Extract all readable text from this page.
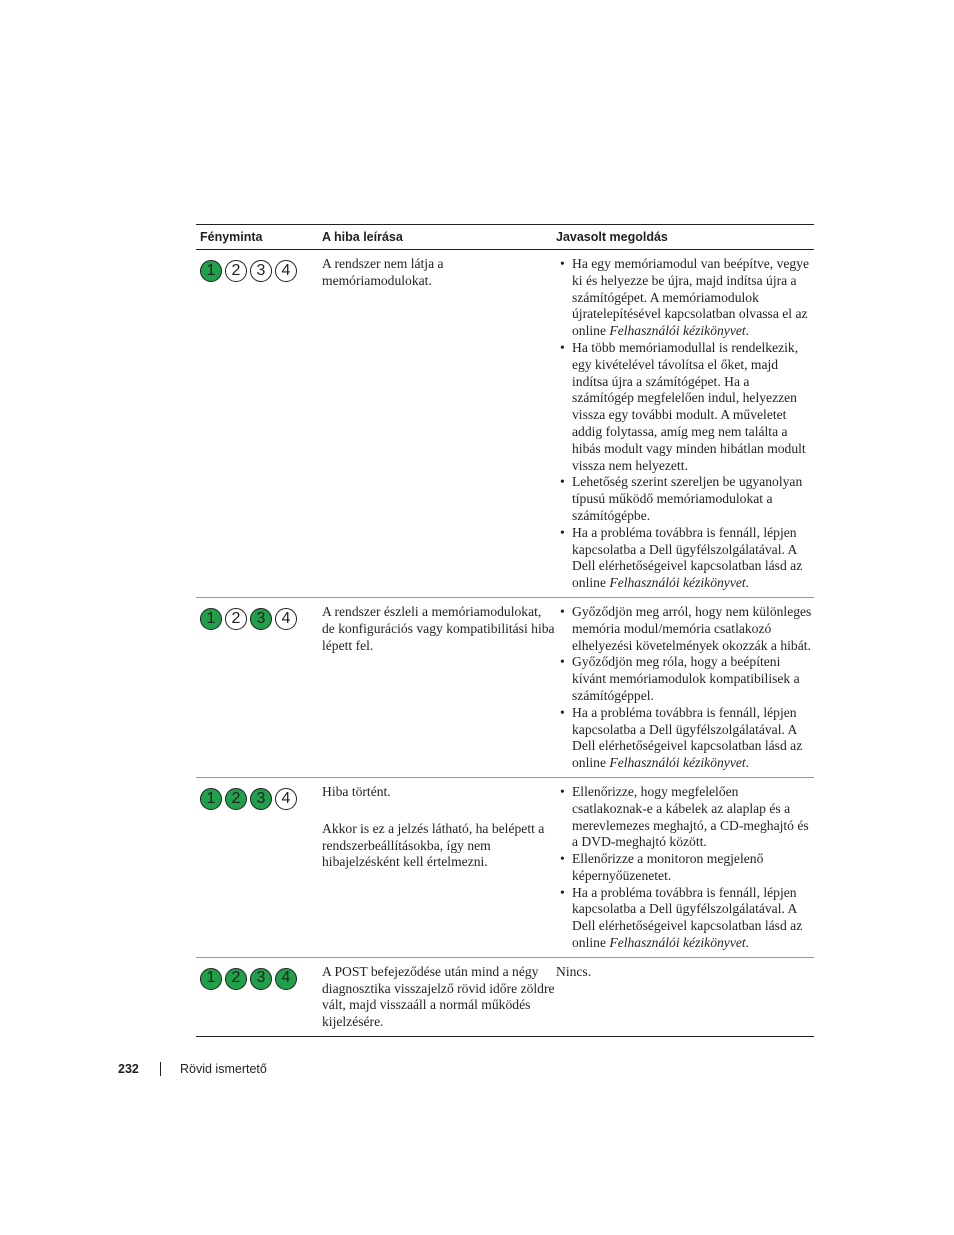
Fényminta	A hiba leírása	Javasolt megoldás
1	2	3	4	A rendszer nem látja a memóriamodulokat.

• Ha egy memóriamodul van beépítve, vegye ki és helyezze be újra, majd indítsa újra a számítógépet. A memóriamodulok újratelepítésével kapcsolatban olvassa el az online Felhasználói kézikönyvet.
• Ha több memóriamodullal is rendelkezik, egy kivételével távolítsa el őket, majd indítsa újra a számítógépet. Ha a számítógép megfelelően indul, helyezzen vissza egy további modult. A műveletet addig folytassa, amíg meg nem találta a hibás modult vagy minden hibátlan modult vissza nem helyezett.
• Lehetőség szerint szereljen be ugyanolyan típusú működő memóriamodulokat a számítógépbe.
• Ha a probléma továbbra is fennáll, lépjen kapcsolatba a Dell ügyfélszolgálatával. A Dell elérhetőségeivel kapcsolatban lásd az online Felhasználói kézikönyvet.
1	2	3	4	A rendszer észleli a memóriamodulokat, de konfigurációs vagy kompatibilitási hiba lépett fel.

• Győződjön meg arról, hogy nem különleges memória modul/memória csatlakozó elhelyezési követelmények okozzák a hibát.
• Győződjön meg róla, hogy a beépíteni kívánt memóriamodulok kompatibilisek a számítógéppel.
• Ha a probléma továbbra is fennáll, lépjen kapcsolatba a Dell ügyfélszolgálatával. A Dell elérhetőségeivel kapcsolatban lásd az online Felhasználói kézikönyvet.
1	2	3	4	Hiba történt.

Akkor is ez a jelzés látható, ha belépett a rendszerbeállításokba, így nem hibajelzésként kell értelmezni.

• Ellenőrizze, hogy megfelelően csatlakoznak-e a kábelek az alaplap és a merevlemezes meghajtó, a CD-meghajtó és a DVD-meghajtó között.
• Ellenőrizze a monitoron megjelenő képernyőüzenetet.
• Ha a probléma továbbra is fennáll, lépjen kapcsolatba a Dell ügyfélszolgálatával. A Dell elérhetőségeivel kapcsolatban lásd az online Felhasználói kézikönyvet.
1	2	3	4	A POST befejeződése után mind a négy diagnosztika visszajelző rövid időre zöldre vált, majd visszaáll a normál működés kijelzésére.

Nincs.
232	Rövid ismertető
